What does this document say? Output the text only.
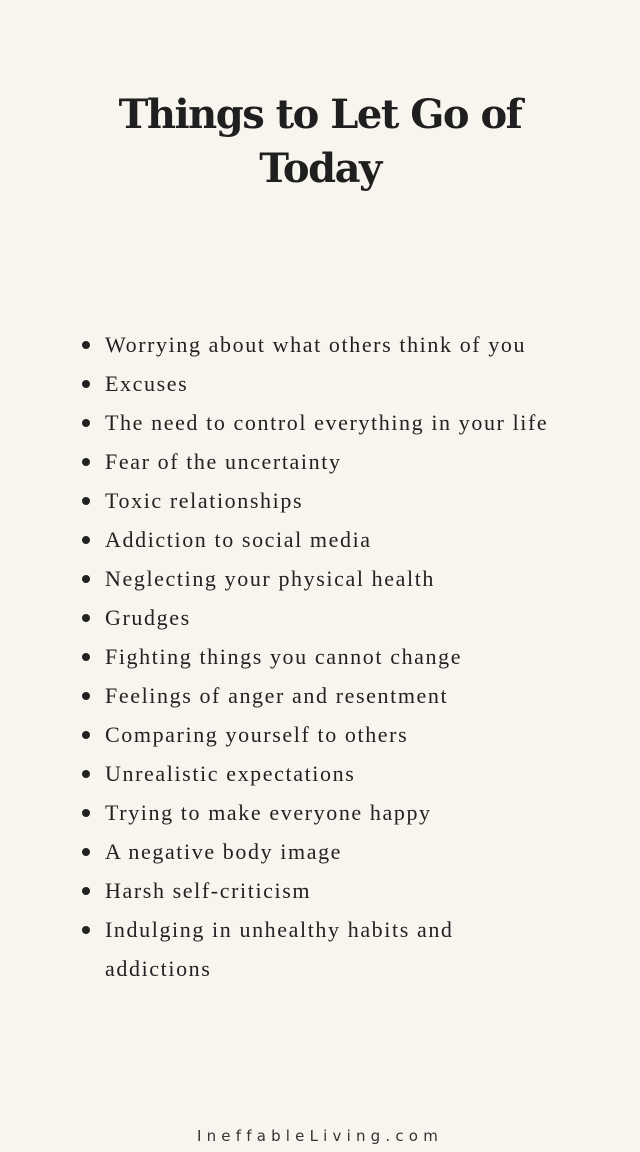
Things to Let Go of
Today
Worrying about what others think of you
Excuses
The need to control everything in your life
Fear of the uncertainty
Toxic relationships
Addiction to social media
Neglecting your physical health
Grudges
Fighting things you cannot change
Feelings of anger and resentment
Comparing yourself to others
Unrealistic expectations
Trying to make everyone happy
A negative body image
Harsh self-criticism
Indulging in unhealthy habits and addictions
IneffableLiving.com
